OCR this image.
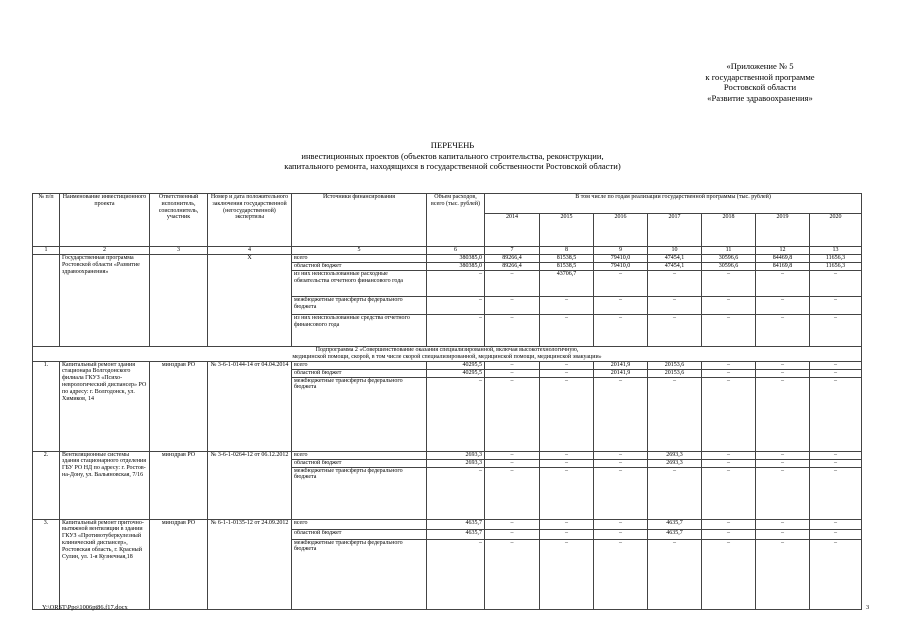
«Приложение № 5
к государственной программе
Ростовской области
«Развитие здравоохранения»
ПЕРЕЧЕНЬ
инвестиционных проектов (объектов капитального строительства, реконструкции,
капитального ремонта, находящихся в государственной собственности Ростовской области)
№ п/п	Наименование инвестиционного проекта	Ответственный исполнитель, соисполнитель, участник	Номер и дата положительного заключения государственной (негосударственной) экспертизы	Источники финансирования	Объем расходов, всего (тыс. рублей)	В том числе по годам реализации государственной программы (тыс. рублей)						
						2014	2015	2016	2017	2018	2019	2020
1	2	3	4	5	6	7	8	9	10	11	12	13
	Государственная программа Ростовской области «Развитие здравоохранения»		Х	всего	380385,0	89266,4	81538,5	79410,0	47454,1	30596,6	84469,8	11656,3
				областной бюджет	380385,0	89266,4	81538,5	79410,0	47454,1	30596,6	84169,8	11656,3
				из них неиспользованные расходные обязательства отчетного финансового года	–	–	43706,7	–	–	–	–	–
				межбюджетные трансферты федерального бюджета	–	–	–	–	–	–	–	–
				из них неиспользованные средства отчетного финансового года	–	–	–	–	–	–	–	–

Подпрограмма 2 «Совершенствование оказания специализированной, включая высокотехнологичную,
медицинской помощи, скорой, в том числе скорой специализированной, медицинской помощи, медицинской эвакуации»												

1.	Капитальный ремонт здания стационара Волгодонского филиала ГКУЗ «Психо-неврологический диспансер» РО по адресу: г. Волгодонск, ул. Химиков, 14	минздрав РО	№ 3-6-1-0144-14 от 04.04.2014	всего	40295,5	–	–	20141,9	20153,6	–	–	–
				областной бюджет	40295,5	–	–	20141,9	20153,6	–	–	–
				межбюджетные трансферты федерального бюджета	–	–	–	–	–	–	–	–
2.	Вентиляционные системы здания стационарного отделения ГБУ РО НД по адресу: г. Ростов-на-Дону, ул. Вальяновская, 7/16	минздрав РО	№ 3-6-1-0264-12 от 06.12.2012	всего	2693,3	–	–	–	2693,3	–	–	–
				областной бюджет	2693,3	–	–	–	2693,3	–	–	–
				межбюджетные трансферты федерального бюджета	–	–	–	–	–	–	–	–
3.	Капитальный ремонт приточно-вытяжной вентиляции в здании ГКУЗ «Противотуберкулезный клинический диспансер», Ростовская область, г. Красный Сулин, ул. 1-я Кузнечная,18	минздрав РО	№ 6-1-1-0135-12 от 24.09.2012	всего	4635,7	–	–	–	4635,7	–	–	–
				областной бюджет	4635,7	–	–	–	4635,7	–	–	–
				межбюджетные трансферты федерального бюджета	–	–	–	–	–	–	–	–
Y:\ORST\Ppo\1006pt86.f17.docx	3
